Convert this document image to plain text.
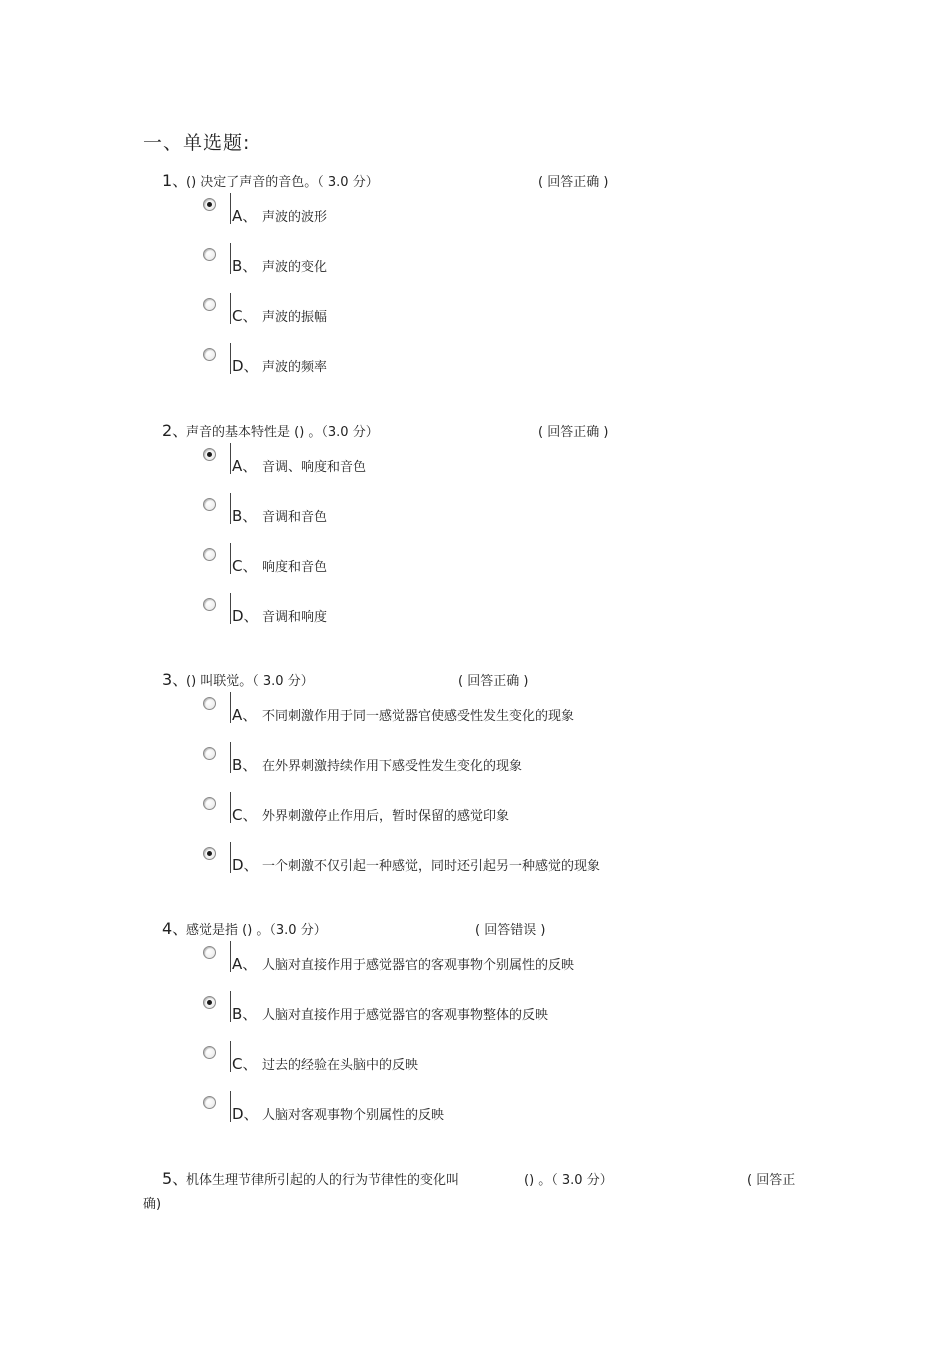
一、单选题:
1、
() 决定了声音的音色。（ 3.0 分）	( 回答正确 )
A、 声波的波形
B、 声波的变化
C、 声波的振幅
D、 声波的频率
2、
声音的基本特性是 () 。（3.0 分）	( 回答正确 )
A、 音调、响度和音色
B、 音调和音色
C、 响度和音色
D、 音调和响度
3、
() 叫联觉。（ 3.0 分）	( 回答正确 )
A、 不同刺激作用于同一感觉器官使感受性发生变化的现象
B、 在外界刺激持续作用下感受性发生变化的现象
C、 外界刺激停止作用后，暂时保留的感觉印象
D、 一个刺激不仅引起一种感觉，同时还引起另一种感觉的现象
4、
感觉是指 () 。（3.0 分）	( 回答错误 )
A、 人脑对直接作用于感觉器官的客观事物个别属性的反映
B、 人脑对直接作用于感觉器官的客观事物整体的反映
C、 过去的经验在头脑中的反映
D、 人脑对客观事物个别属性的反映
5、
机体生理节律所引起的人的行为节律性的变化叫	() 。（ 3.0 分）	( 回答正
确)
